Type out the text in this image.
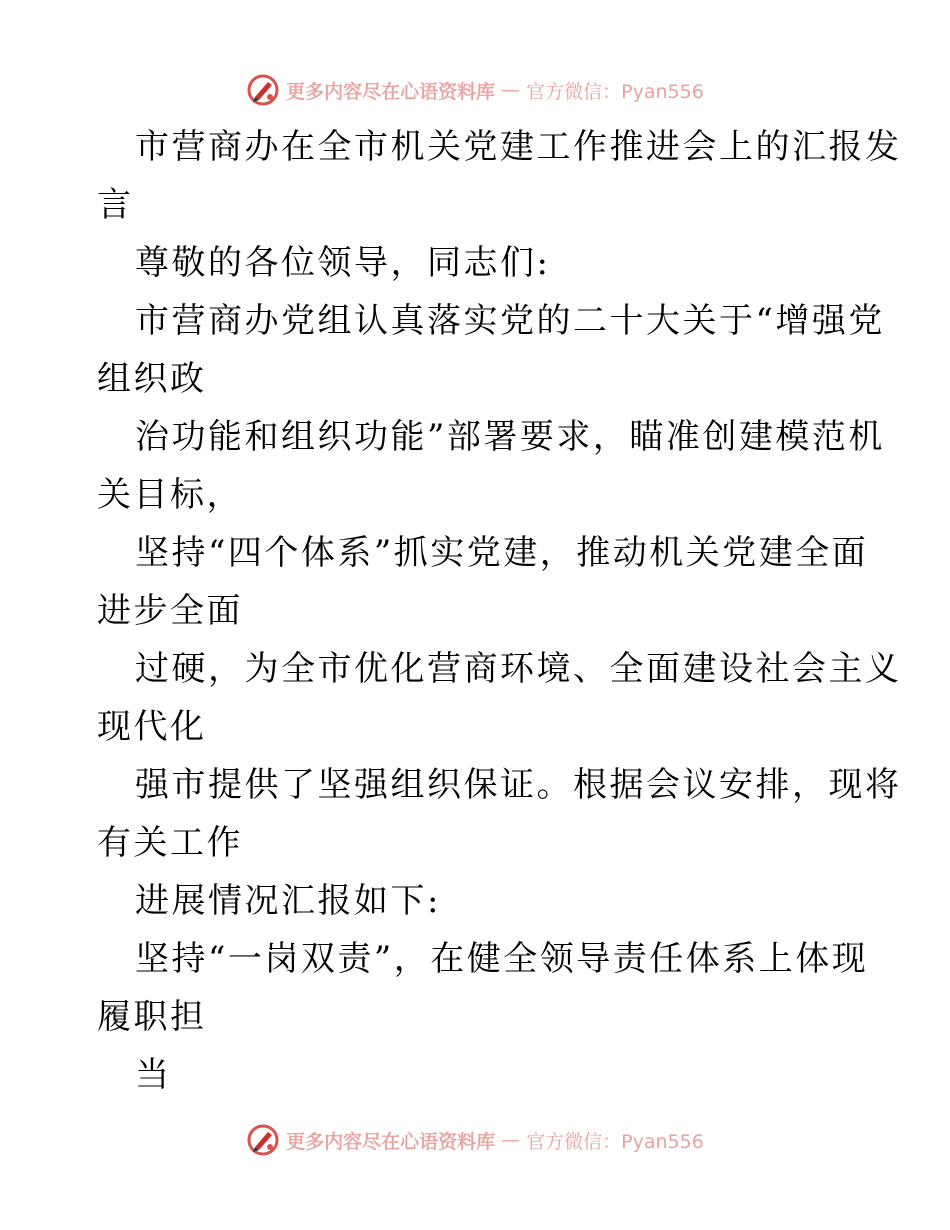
更多内容尽在心语资料库 — 官方微信：Pyan556
市营商办在全市机关党建工作推进会上的汇报发
言
尊敬的各位领导，同志们:
市营商办党组认真落实党的二十大关于“增强党
组织政
治功能和组织功能”部署要求，瞄准创建模范机
关目标，
坚持“四个体系”抓实党建，推动机关党建全面
进步全面
过硬，为全市优化营商环境、全面建设社会主义
现代化
强市提供了坚强组织保证。根据会议安排，现将
有关工作
进展情况汇报如下:
坚持“一岗双责”，在健全领导责任体系上体现
履职担
当
更多内容尽在心语资料库 — 官方微信：Pyan556
